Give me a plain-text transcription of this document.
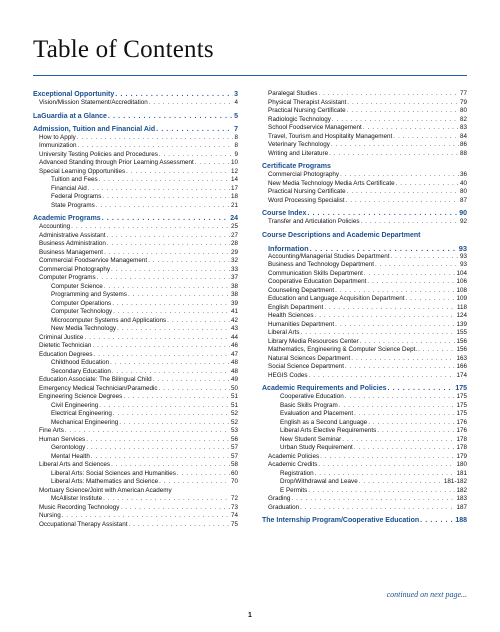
Table of Contents
Exceptional Opportunity . . .	3
Vision/Mission Statement/Accreditation . . .	4
LaGuardia at a Glance . . .	5
Admission, Tuition and Financial Aid . . .	7
How to Apply . . .	8
Immunization . . .	8
University Testing Policies and Procedures . . .	9
Advanced Standing through Prior Learning Assessment . . .	10
Special Learning Opportunities . . .	12
Tuition and Fees . . .	14
Financial Aid . . .	17
Federal Programs . . .	18
State Programs . . .	21
Academic Programs . . .	24
Accounting . . .	25
Administrative Assistant . . .	27
Business Administration . . .	28
Business Management . . .	29
Commercial Foodservice Management . . .	32
Commercial Photography . . .	33
Computer Programs . . .	37
Computer Science . . .	38
Programming and Systems . . .	38
Computer Operations . . .	39
Computer Technology . . .	41
Microcomputer Systems and Applications . . .	42
New Media Technology . . .	43
Criminal Justice . . .	44
Dietetic Technician . . .	46
Education Degrees . . .	47
Childhood Education . . .	48
Secondary Education . . .	48
Education Associate: The Bilingual Child . . .	49
Emergency Medical Technician/Paramedic . . .	50
Engineering Science Degrees . . .	51
Civil Engineering . . .	51
Electrical Engineering . . .	52
Mechanical Engineering . . .	52
Fine Arts . . .	53
Human Services . . .	56
Gerontology . . .	57
Mental Health . . .	57
Liberal Arts and Sciences . . .	58
Liberal Arts: Social Sciences and Humanities . . .	60
Liberal Arts: Mathematics and Science . . .	70
Mortuary Science/Joint with American Academy
McAllister Institute . . .	72
Music Recording Technology . . .	73
Nursing . . .	74
Occupational Therapy Assistant . . .	75
Paralegal Studies . . .	77
Physical Therapist Assistant . . .	79
Practical Nursing Certificate . . .	80
Radiologic Technology . . .	82
School Foodservice Management . . .	83
Travel, Tourism and Hospitality Management . . .	84
Veterinary Technology . . .	86
Writing and Literature . . .	88
Certificate Programs
Commercial Photography . . .	36
New Media Technology Media Arts Certificate . . .	40
Practical Nursing Certificate . . .	80
Word Processing Specialist . . .	87
Course Index . . .	90
Transfer and Articulation Policies . . .	92
Course Descriptions and Academic Department
Information . . .	93
Accounting/Managerial Studies Department . . .	93
Business and Technology Department . . .	93
Communication Skills Department . . .	104
Cooperative Education Department . . .	106
Counseling Department . . .	108
Education and Language Acquisition Department . . .	109
English Department . . .	118
Health Sciences . . .	124
Humanities Department . . .	139
Liberal Arts . . .	155
Library Media Resources Center . . .	156
Mathematics, Engineering & Computer Science Dept. . . .	156
Natural Sciences Department . . .	163
Social Science Department . . .	166
HEGIS Codes . . .	174
Academic Requirements and Policies . . .	175
Cooperative Education . . .	175
Basic Skills Program . . .	175
Evaluation and Placement . . .	175
English as a Second Language . . .	176
Liberal Arts Elective Requirements . . .	176
New Student Seminar . . .	178
Urban Study Requirement . . .	178
Academic Policies . . .	179
Academic Credits . . .	180
Registration . . .	181
Drop/Withdrawal and Leave . . .	181-182
E Permits . . .	182
Grading . . .	183
Graduation . . .	187
The Internship Program/Cooperative Education . . .	188
continued on next page...
1
